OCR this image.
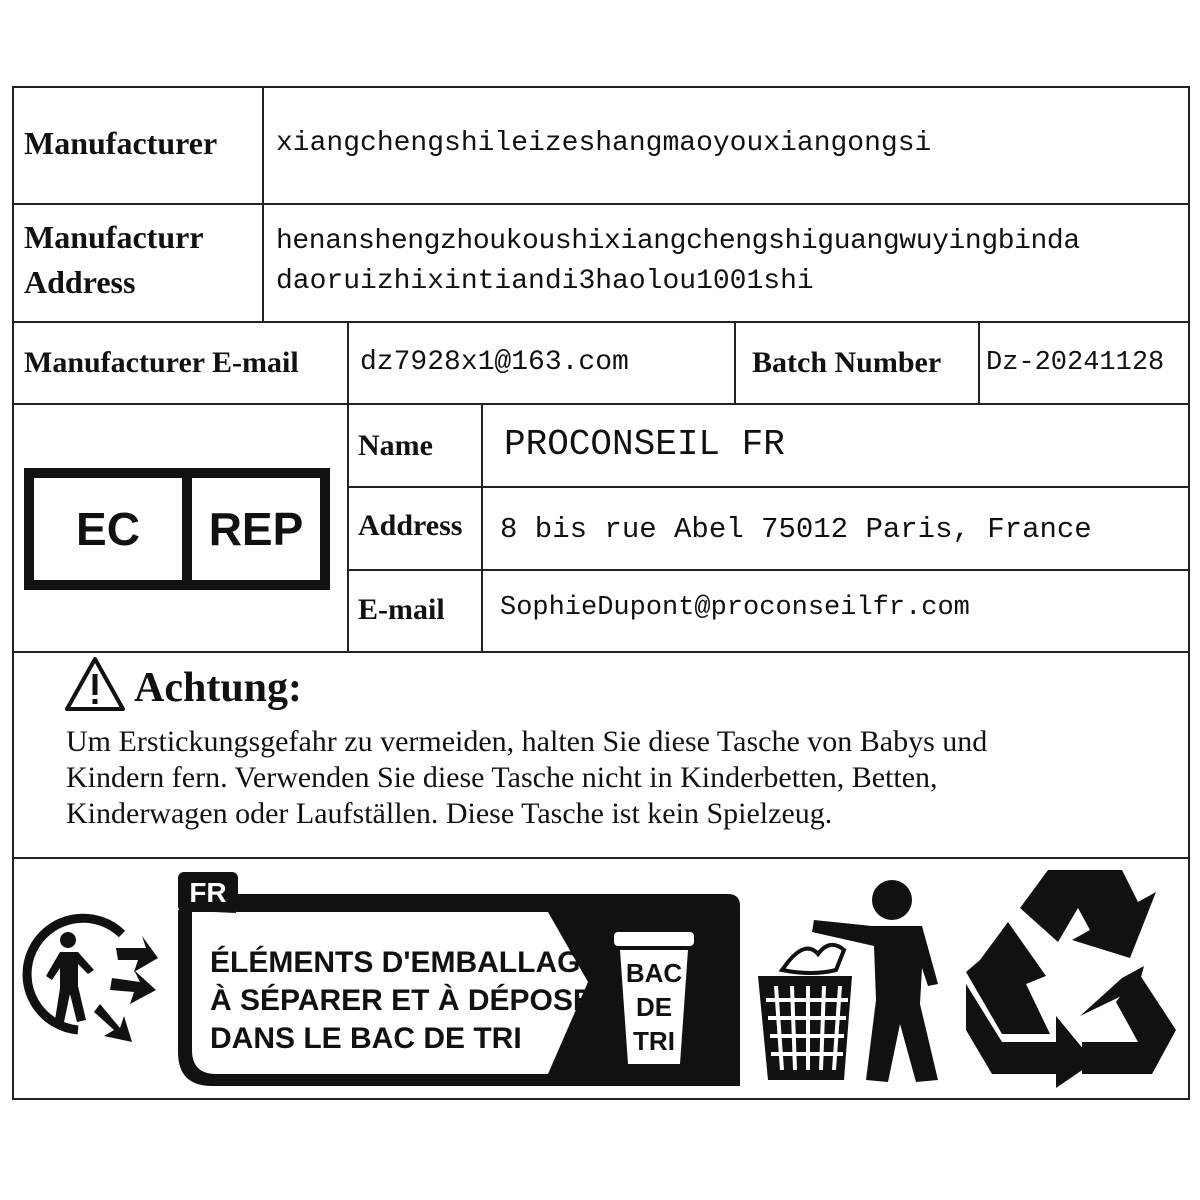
Manufacturer xiangchengshileizeshangmaoyouxiangongsi
Manufacturr
Address
henanshengzhoukoushixiangchengshiguangwuyingbinda
daoruizhixintiandi3haolou1001shi
Manufacturer E-mail dz7928x1@163.com	Batch Number Dz-20241128
EC	REP
Name PROCONSEIL FR
Address 8 bis rue Abel 75012 Paris, France
E-mail SophieDupont@proconseilfr.com
Achtung:
Um Erstickungsgefahr zu vermeiden, halten Sie diese Tasche von Babys und
Kindern fern. Verwenden Sie diese Tasche nicht in Kinderbetten, Betten,
Kinderwagen oder Laufställen. Diese Tasche ist kein Spielzeug.
FR
ÉLÉMENTS D'EMBALLAGE
À SÉPARER ET À DÉPOSER
DANS LE BAC DE TRI
BAC
DE
TRI
